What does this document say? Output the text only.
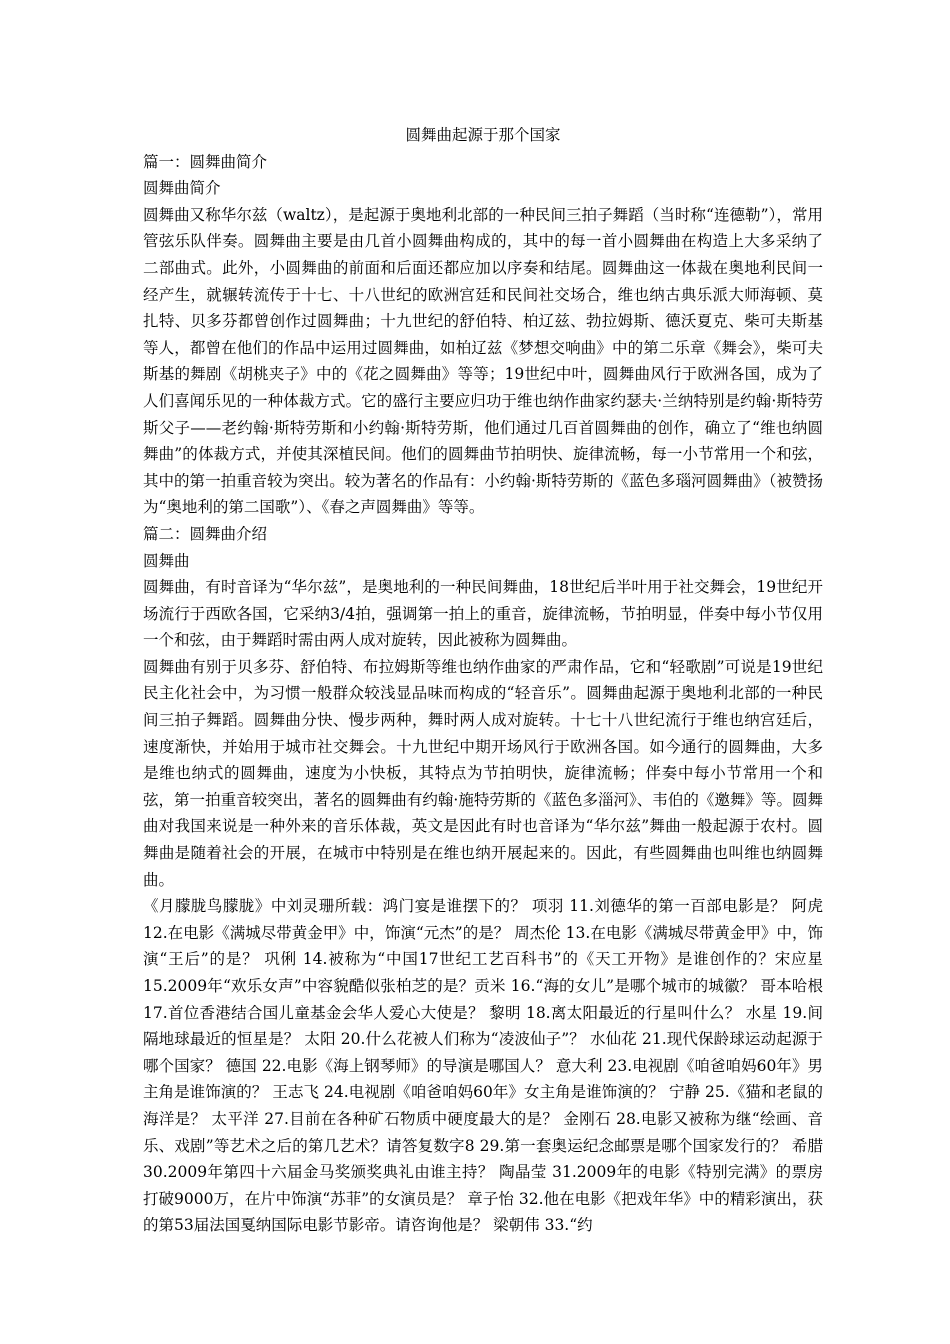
圆舞曲起源于那个国家

篇一：圆舞曲简介

圆舞曲简介

圆舞曲又称华尔兹（waltz），是起源于奥地利北部的一种民间三拍子舞蹈（当时称“连德勒”），常用管弦乐队伴奏。圆舞曲主要是由几首小圆舞曲构成的，其中的每一首小圆舞曲在构造上大多采纳了二部曲式。此外，小圆舞曲的前面和后面还都应加以序奏和结尾。圆舞曲这一体裁在奥地利民间一经产生，就辗转流传于十七、十八世纪的欧洲宫廷和民间社交场合，维也纳古典乐派大师海顿、莫扎特、贝多芬都曾创作过圆舞曲；十九世纪的舒伯特、柏辽兹、勃拉姆斯、德沃夏克、柴可夫斯基等人，都曾在他们的作品中运用过圆舞曲，如柏辽兹《梦想交响曲》中的第二乐章《舞会》，柴可夫斯基的舞剧《胡桃夹子》中的《花之圆舞曲》等等；19世纪中叶，圆舞曲风行于欧洲各国，成为了人们喜闻乐见的一种体裁方式。它的盛行主要应归功于维也纳作曲家约瑟夫·兰纳特别是约翰·斯特劳斯父子——老约翰·斯特劳斯和小约翰·斯特劳斯，他们通过几百首圆舞曲的创作，确立了“维也纳圆舞曲”的体裁方式，并使其深植民间。他们的圆舞曲节拍明快、旋律流畅，每一小节常用一个和弦，其中的第一拍重音较为突出。较为著名的作品有：小约翰·斯特劳斯的《蓝色多瑙河圆舞曲》（被赞扬为“奥地利的第二国歌”）、《春之声圆舞曲》等等。

篇二：圆舞曲介绍

圆舞曲

圆舞曲，有时音译为“华尔兹”，是奥地利的一种民间舞曲，18世纪后半叶用于社交舞会，19世纪开场流行于西欧各国，它采纳3/4拍，强调第一拍上的重音，旋律流畅，节拍明显，伴奏中每小节仅用一个和弦，由于舞蹈时需由两人成对旋转，因此被称为圆舞曲。

圆舞曲有别于贝多芬、舒伯特、布拉姆斯等维也纳作曲家的严肃作品，它和“轻歌剧”可说是19世纪民主化社会中，为习惯一般群众较浅显品味而构成的“轻音乐”。圆舞曲起源于奥地利北部的一种民间三拍子舞蹈。圆舞曲分快、慢步两种，舞时两人成对旋转。十七十八世纪流行于维也纳宫廷后，速度渐快，并始用于城市社交舞会。十九世纪中期开场风行于欧洲各国。如今通行的圆舞曲，大多是维也纳式的圆舞曲，速度为小快板，其特点为节拍明快，旋律流畅；伴奏中每小节常用一个和弦，第一拍重音较突出，著名的圆舞曲有约翰·施特劳斯的《蓝色多淄河》、韦伯的《邀舞》等。圆舞曲对我国来说是一种外来的音乐体裁，英文是因此有时也音译为“华尔兹”舞曲一般起源于农村。圆舞曲是随着社会的开展，在城市中特别是在维也纳开展起来的。因此，有些圆舞曲也叫维也纳圆舞曲。

《月朦胧鸟朦胧》中刘灵珊所载：鸿门宴是谁摆下的？ 项羽 11.刘德华的第一百部电影是？ 阿虎 12.在电影《满城尽带黄金甲》中，饰演“元杰”的是？ 周杰伦 13.在电影《满城尽带黄金甲》中，饰演“王后”的是？ 巩俐 14.被称为“中国17世纪工艺百科书”的《天工开物》是谁创作的？宋应星 15.2009年“欢乐女声”中容貌酷似张柏芝的是？贡米 16.“海的女儿”是哪个城市的城徽？ 哥本哈根 17.首位香港结合国儿童基金会华人爱心大使是？ 黎明 18.离太阳最近的行星叫什么？ 水星 19.间隔地球最近的恒星是？ 太阳 20.什么花被人们称为“凌波仙子”？ 水仙花 21.现代保龄球运动起源于哪个国家？ 德国 22.电影《海上钢琴师》的导演是哪国人？ 意大利 23.电视剧《咱爸咱妈60年》男主角是谁饰演的？ 王志飞 24.电视剧《咱爸咱妈60年》女主角是谁饰演的？ 宁静 25.《猫和老鼠的海洋是？ 太平洋 27.目前在各种矿石物质中硬度最大的是？ 金刚石 28.电影又被称为继“绘画、音乐、戏剧”等艺术之后的第几艺术？请答复数字8 29.第一套奥运纪念邮票是哪个国家发行的？ 希腊 30.2009年第四十六届金马奖颁奖典礼由谁主持？ 陶晶莹 31.2009年的电影《特别完满》的票房打破9000万，在片中饰演“苏菲”的女演员是？ 章子怡 32.他在电影《把戏年华》中的精彩演出，获的第53届法国戛纳国际电影节影帝。请咨询他是？ 梁朝伟 33.“约
